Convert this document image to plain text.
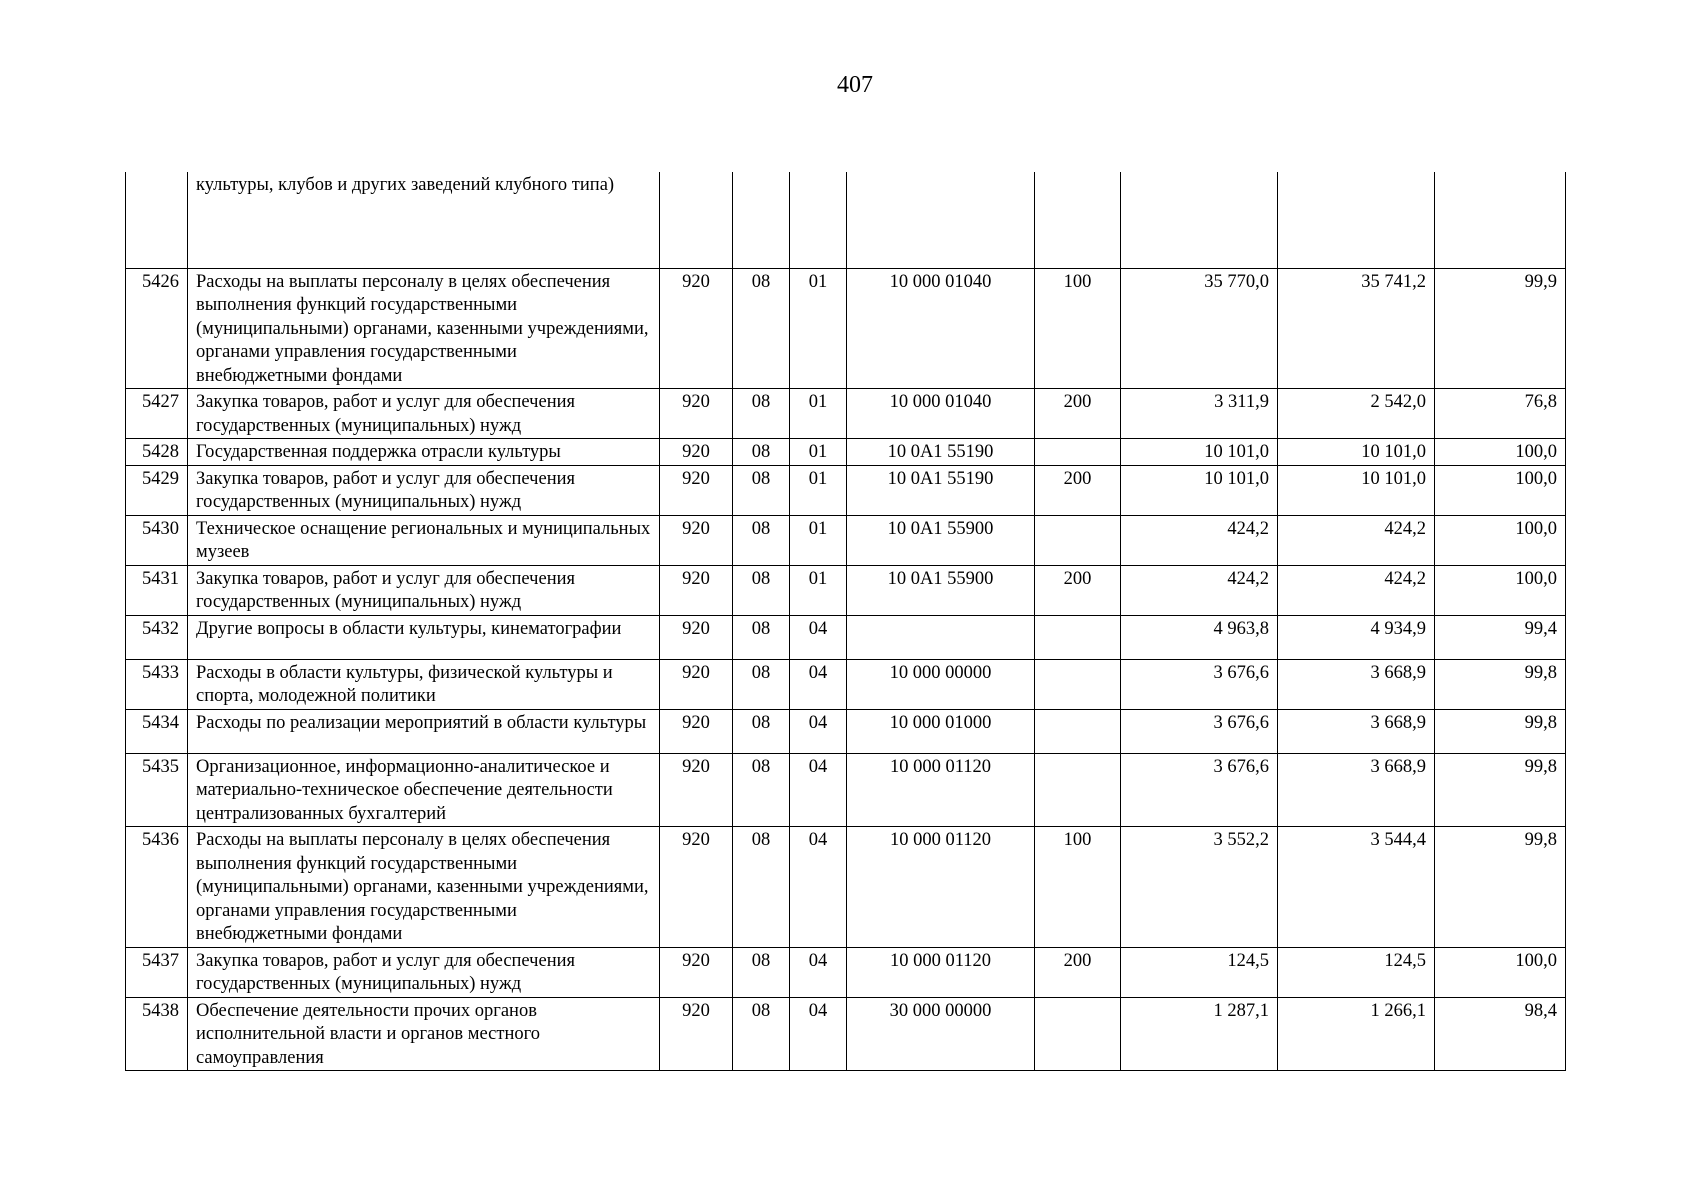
407
	культуры, клубов и других заведений клубного типа)								
5426	Расходы на выплаты персоналу в целях обеспечения выполнения функций государственными (муниципальными) органами, казенными учреждениями, органами управления государственными внебюджетными фондами	920	08	01	10 000 01040	100	35 770,0	35 741,2	99,9
5427	Закупка товаров, работ и услуг для обеспечения государственных (муниципальных) нужд	920	08	01	10 000 01040	200	3 311,9	2 542,0	76,8
5428	Государственная поддержка отрасли культуры	920	08	01	10 0A1 55190		10 101,0	10 101,0	100,0
5429	Закупка товаров, работ и услуг для обеспечения государственных (муниципальных) нужд	920	08	01	10 0A1 55190	200	10 101,0	10 101,0	100,0
5430	Техническое оснащение региональных и муниципальных музеев	920	08	01	10 0A1 55900		424,2	424,2	100,0
5431	Закупка товаров, работ и услуг для обеспечения государственных (муниципальных) нужд	920	08	01	10 0A1 55900	200	424,2	424,2	100,0
5432	Другие вопросы в области культуры, кинематографии	920	08	04			4 963,8	4 934,9	99,4
5433	Расходы в области культуры, физической культуры и спорта, молодежной политики	920	08	04	10 000 00000		3 676,6	3 668,9	99,8
5434	Расходы по реализации мероприятий в области культуры	920	08	04	10 000 01000		3 676,6	3 668,9	99,8
5435	Организационное, информационно-аналитическое и материально-техническое обеспечение деятельности централизованных бухгалтерий	920	08	04	10 000 01120		3 676,6	3 668,9	99,8
5436	Расходы на выплаты персоналу в целях обеспечения выполнения функций государственными (муниципальными) органами, казенными учреждениями, органами управления государственными внебюджетными фондами	920	08	04	10 000 01120	100	3 552,2	3 544,4	99,8
5437	Закупка товаров, работ и услуг для обеспечения государственных (муниципальных) нужд	920	08	04	10 000 01120	200	124,5	124,5	100,0
5438	Обеспечение деятельности прочих органов исполнительной власти и органов местного самоуправления	920	08	04	30 000 00000		1 287,1	1 266,1	98,4
